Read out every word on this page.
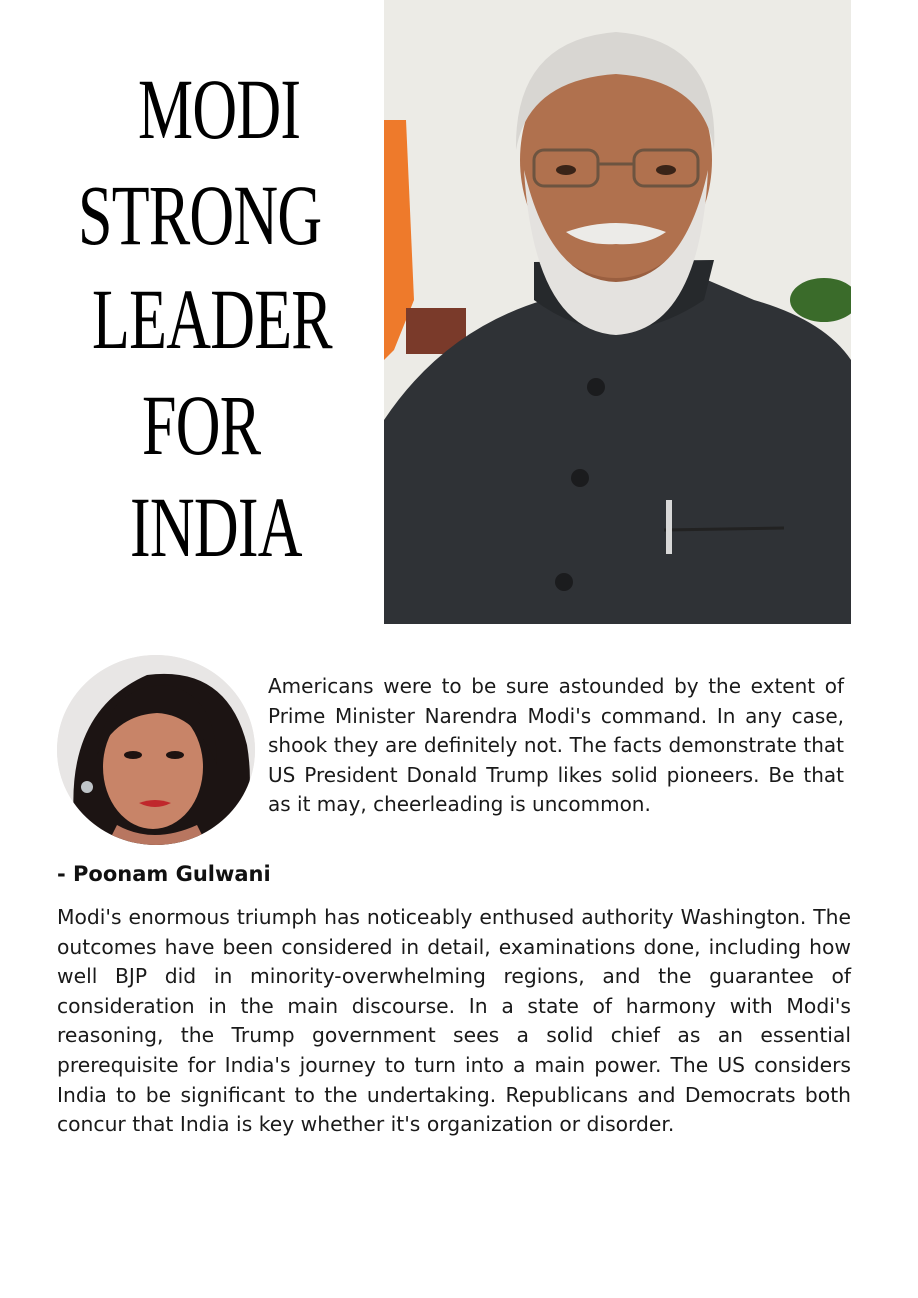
MODI
STRONG
LEADER
FOR
INDIA

Americans were to be sure astounded by the extent of Prime Minister Narendra Modi's command. In any case, shook they are definitely not. The facts demonstrate that US President Donald Trump likes solid pioneers. Be that as it may, cheerleading is uncommon.

- Poonam Gulwani

Modi's enormous triumph has noticeably enthused authority Washington. The outcomes have been considered in detail, examinations done, including how well BJP did in minority-overwhelming regions, and the guarantee of consideration in the main discourse. In a state of harmony with Modi's reasoning, the Trump government sees a solid chief as an essential prerequisite for India's journey to turn into a main power. The US considers India to be significant to the undertaking. Republicans and Democrats both concur that India is key whether it's organization or disorder.
